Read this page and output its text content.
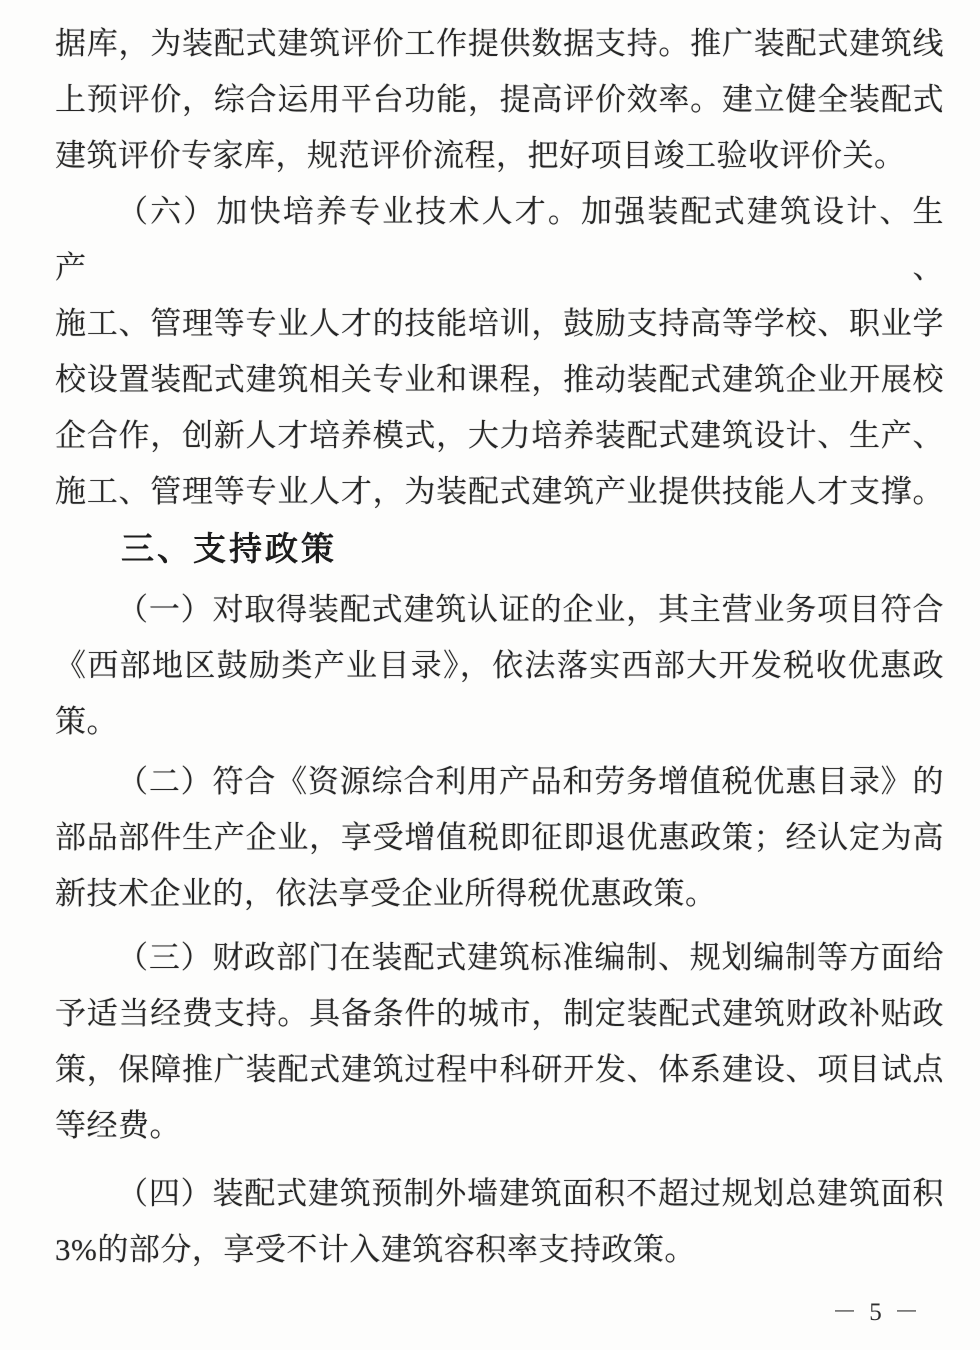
据库，为装配式建筑评价工作提供数据支持。推广装配式建筑线

上预评价，综合运用平台功能，提高评价效率。建立健全装配式

建筑评价专家库，规范评价流程，把好项目竣工验收评价关。

（六）加快培养专业技术人才。加强装配式建筑设计、生产、

施工、管理等专业人才的技能培训，鼓励支持高等学校、职业学

校设置装配式建筑相关专业和课程，推动装配式建筑企业开展校

企合作，创新人才培养模式，大力培养装配式建筑设计、生产、

施工、管理等专业人才，为装配式建筑产业提供技能人才支撑。

三、支持政策

（一）对取得装配式建筑认证的企业，其主营业务项目符合

《西部地区鼓励类产业目录》，依法落实西部大开发税收优惠政

策。

（二）符合《资源综合利用产品和劳务增值税优惠目录》的

部品部件生产企业，享受增值税即征即退优惠政策；经认定为高

新技术企业的，依法享受企业所得税优惠政策。

（三）财政部门在装配式建筑标准编制、规划编制等方面给

予适当经费支持。具备条件的城市，制定装配式建筑财政补贴政

策，保障推广装配式建筑过程中科研开发、体系建设、项目试点

等经费。

（四）装配式建筑预制外墙建筑面积不超过规划总建筑面积

3%的部分，享受不计入建筑容积率支持政策。

－ 5 －
